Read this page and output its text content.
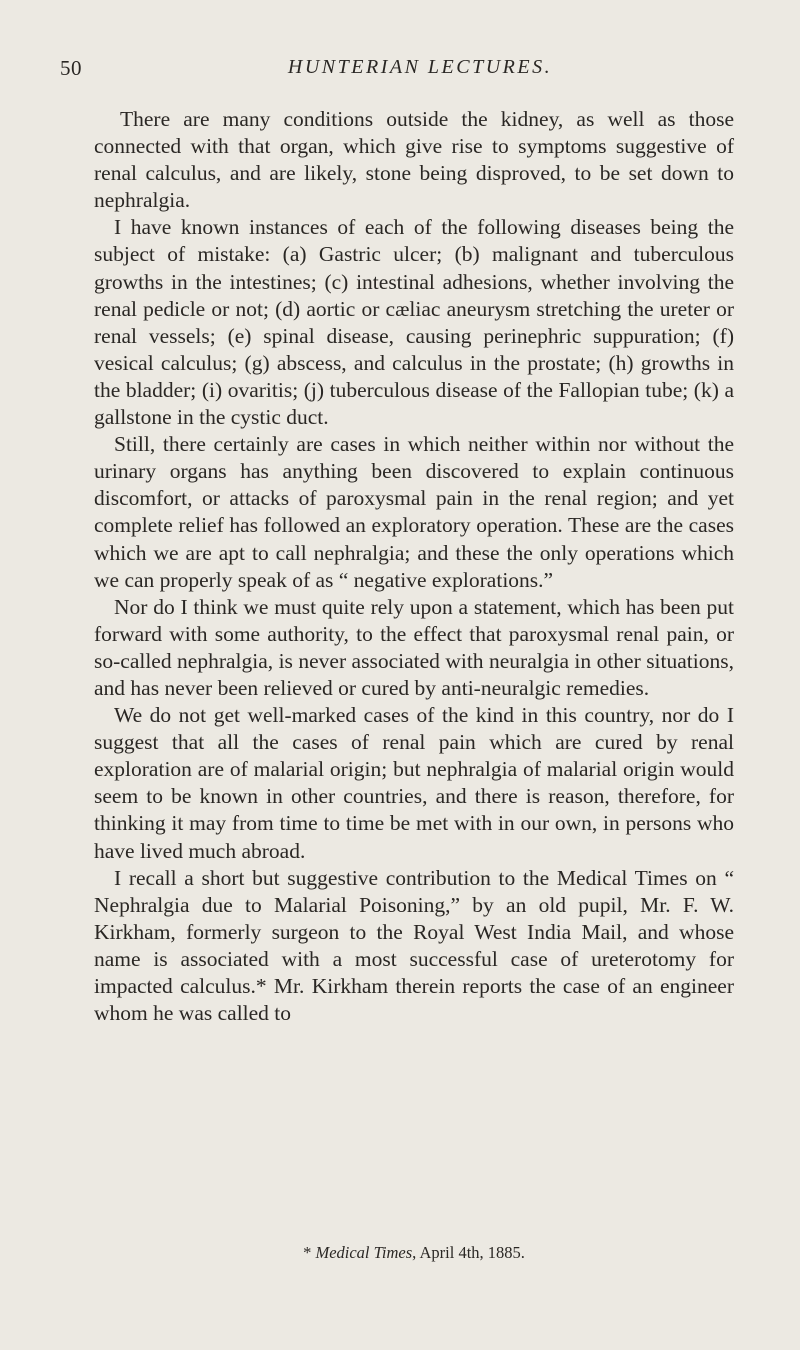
50	HUNTERIAN LECTURES.

There are many conditions outside the kidney, as well as those connected with that organ, which give rise to symptoms suggestive of renal calculus, and are likely, stone being disproved, to be set down to nephralgia.

I have known instances of each of the following diseases being the subject of mistake: (a) Gastric ulcer; (b) malignant and tuberculous growths in the intestines; (c) intestinal adhesions, whether involving the renal pedicle or not; (d) aortic or cæliac aneurysm stretching the ureter or renal vessels; (e) spinal disease, causing perinephric suppuration; (f) vesical calculus; (g) abscess, and calculus in the prostate; (h) growths in the bladder; (i) ovaritis; (j) tuberculous disease of the Fallopian tube; (k) a gallstone in the cystic duct.

Still, there certainly are cases in which neither within nor without the urinary organs has anything been discovered to explain continuous discomfort, or attacks of paroxysmal pain in the renal region; and yet complete relief has followed an exploratory operation. These are the cases which we are apt to call nephralgia; and these the only operations which we can properly speak of as “ negative explorations.”

Nor do I think we must quite rely upon a statement, which has been put forward with some authority, to the effect that paroxysmal renal pain, or so-called nephralgia, is never associated with neuralgia in other situations, and has never been relieved or cured by anti-neuralgic remedies.

We do not get well-marked cases of the kind in this country, nor do I suggest that all the cases of renal pain which are cured by renal exploration are of malarial origin; but nephralgia of malarial origin would seem to be known in other countries, and there is reason, therefore, for thinking it may from time to time be met with in our own, in persons who have lived much abroad.

I recall a short but suggestive contribution to the Medical Times on “ Nephralgia due to Malarial Poisoning,” by an old pupil, Mr. F. W. Kirkham, formerly surgeon to the Royal West India Mail, and whose name is associated with a most successful case of ureterotomy for impacted calculus.* Mr. Kirkham therein reports the case of an engineer whom he was called to

* Medical Times, April 4th, 1885.
